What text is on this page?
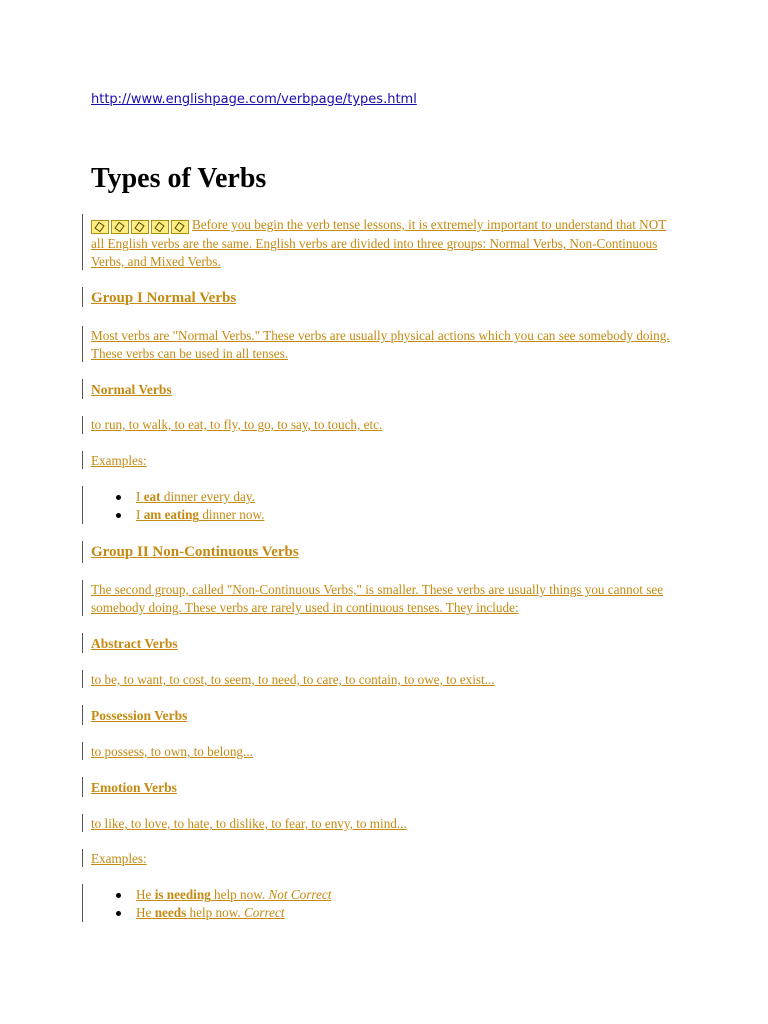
http://www.englishpage.com/verbpage/types.html
Types of Verbs
Before you begin the verb tense lessons, it is extremely important to understand that NOT all English verbs are the same. English verbs are divided into three groups: Normal Verbs, Non-Continuous Verbs, and Mixed Verbs.
Group I Normal Verbs
Most verbs are "Normal Verbs." These verbs are usually physical actions which you can see somebody doing. These verbs can be used in all tenses.
Normal Verbs
to run, to walk, to eat, to fly, to go, to say, to touch, etc.
Examples:
I eat dinner every day.
I am eating dinner now.
Group II Non-Continuous Verbs
The second group, called "Non-Continuous Verbs," is smaller. These verbs are usually things you cannot see somebody doing. These verbs are rarely used in continuous tenses. They include:
Abstract Verbs
to be, to want, to cost, to seem, to need, to care, to contain, to owe, to exist...
Possession Verbs
to possess, to own, to belong...
Emotion Verbs
to like, to love, to hate, to dislike, to fear, to envy, to mind...
Examples:
He is needing help now. Not Correct
He needs help now. Correct
